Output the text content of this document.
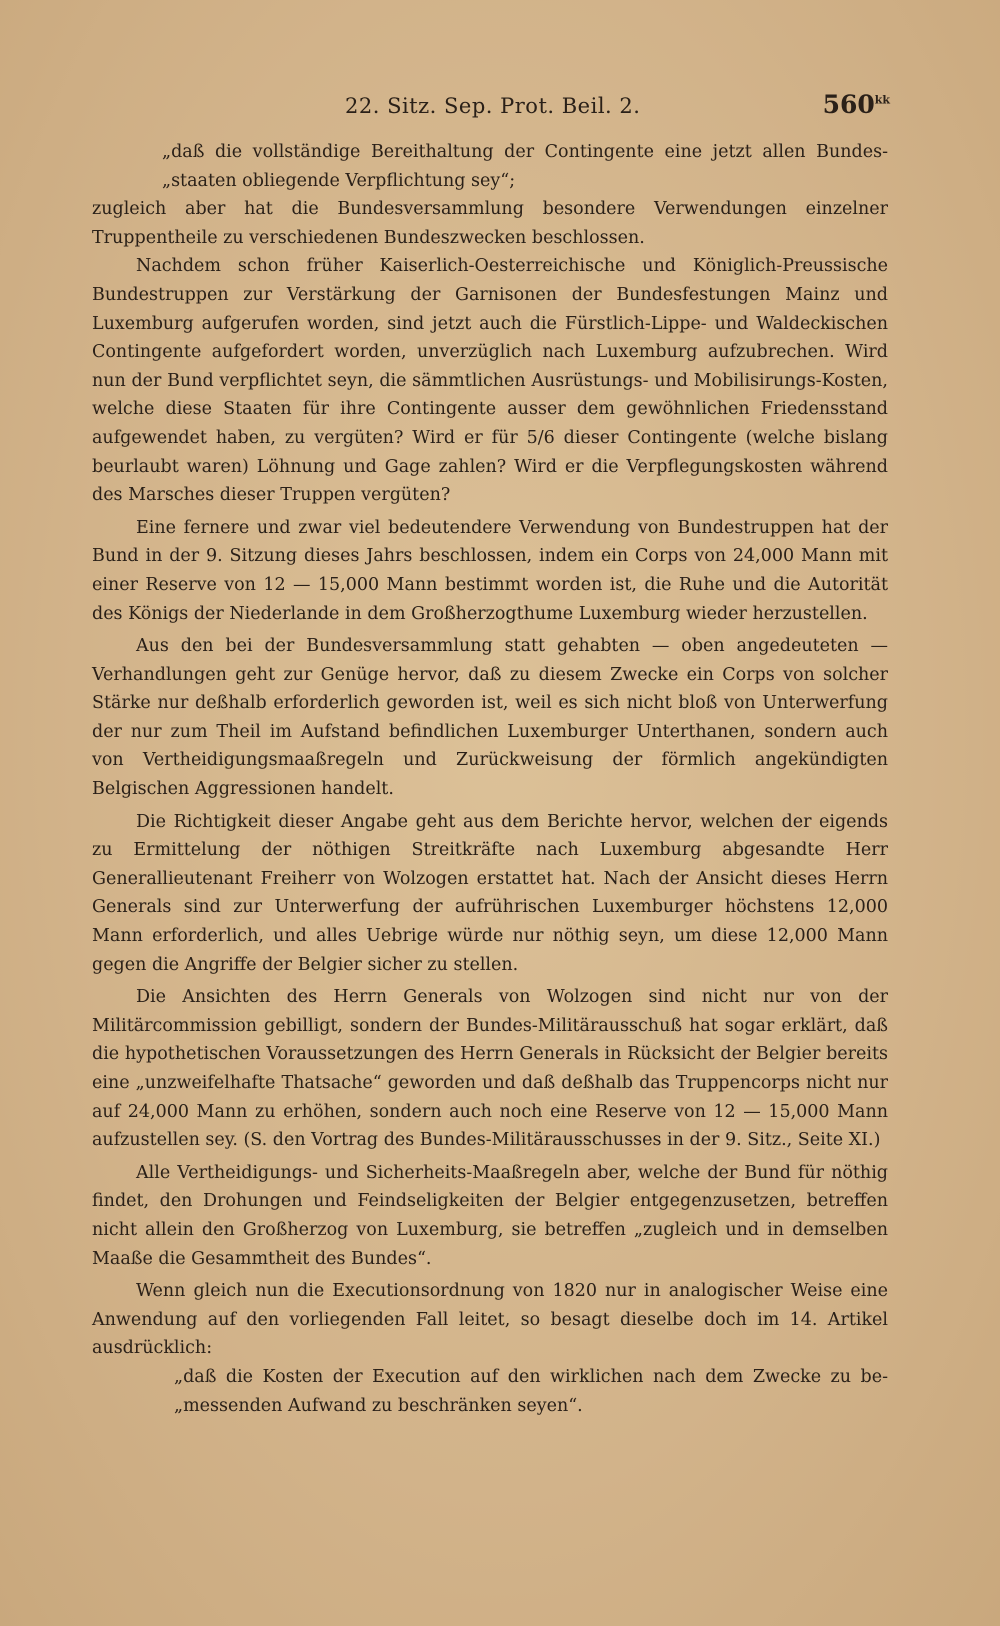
22. Sitz. Sep. Prot. Beil. 2.	$560^{kk}$

„daß die vollständige Bereithaltung der Contingente eine jetzt allen Bundes- „staaten obliegende Verpflichtung sey“;

zugleich aber hat die Bundesversammlung besondere Verwendungen einzelner Truppentheile zu verschiedenen Bundeszwecken beschlossen.

Nachdem schon früher Kaiserlich-Oesterreichische und Königlich-Preussische Bundestruppen zur Verstärkung der Garnisonen der Bundesfestungen Mainz und Luxemburg aufgerufen worden, sind jetzt auch die Fürstlich-Lippe- und Waldeckischen Contingente aufgefordert worden, unverzüglich nach Luxemburg aufzubrechen. Wird nun der Bund verpflichtet seyn, die sämmtlichen Ausrüstungs- und Mobilisirungs-Kosten, welche diese Staaten für ihre Contingente ausser dem gewöhnlichen Friedensstand aufgewendet haben, zu vergüten? Wird er für 5/6 dieser Contingente (welche bislang beurlaubt waren) Löhnung und Gage zahlen? Wird er die Verpflegungskosten während des Marsches dieser Truppen vergüten?

Eine fernere und zwar viel bedeutendere Verwendung von Bundestruppen hat der Bund in der 9. Sitzung dieses Jahrs beschlossen, indem ein Corps von 24,000 Mann mit einer Reserve von 12 — 15,000 Mann bestimmt worden ist, die Ruhe und die Autorität des Königs der Niederlande in dem Großherzogthume Luxemburg wieder herzustellen.

Aus den bei der Bundesversammlung statt gehabten — oben angedeuteten — Verhandlungen geht zur Genüge hervor, daß zu diesem Zwecke ein Corps von solcher Stärke nur deßhalb erforderlich geworden ist, weil es sich nicht bloß von Unterwerfung der nur zum Theil im Aufstand befindlichen Luxemburger Unterthanen, sondern auch von Vertheidigungsmaaßregeln und Zurückweisung der förmlich angekündigten Belgischen Aggressionen handelt.

Die Richtigkeit dieser Angabe geht aus dem Berichte hervor, welchen der eigends zu Ermittelung der nöthigen Streitkräfte nach Luxemburg abgesandte Herr Generallieutenant Freiherr von Wolzogen erstattet hat. Nach der Ansicht dieses Herrn Generals sind zur Unterwerfung der aufrührischen Luxemburger höchstens 12,000 Mann erforderlich, und alles Uebrige würde nur nöthig seyn, um diese 12,000 Mann gegen die Angriffe der Belgier sicher zu stellen.

Die Ansichten des Herrn Generals von Wolzogen sind nicht nur von der Militärcommission gebilligt, sondern der Bundes-Militärausschuß hat sogar erklärt, daß die hypothetischen Voraussetzungen des Herrn Generals in Rücksicht der Belgier bereits eine „unzweifelhafte Thatsache“ geworden und daß deßhalb das Truppencorps nicht nur auf 24,000 Mann zu erhöhen, sondern auch noch eine Reserve von 12 — 15,000 Mann aufzustellen sey. (S. den Vortrag des Bundes-Militärausschusses in der 9. Sitz., Seite XI.)

Alle Vertheidigungs- und Sicherheits-Maaßregeln aber, welche der Bund für nöthig findet, den Drohungen und Feindseligkeiten der Belgier entgegenzusetzen, betreffen nicht allein den Großherzog von Luxemburg, sie betreffen „zugleich und in demselben Maaße die Gesammtheit des Bundes“.

Wenn gleich nun die Executionsordnung von 1820 nur in analogischer Weise eine Anwendung auf den vorliegenden Fall leitet, so besagt dieselbe doch im 14. Artikel ausdrücklich:

„daß die Kosten der Execution auf den wirklichen nach dem Zwecke zu be- „messenden Aufwand zu beschränken seyen“.
